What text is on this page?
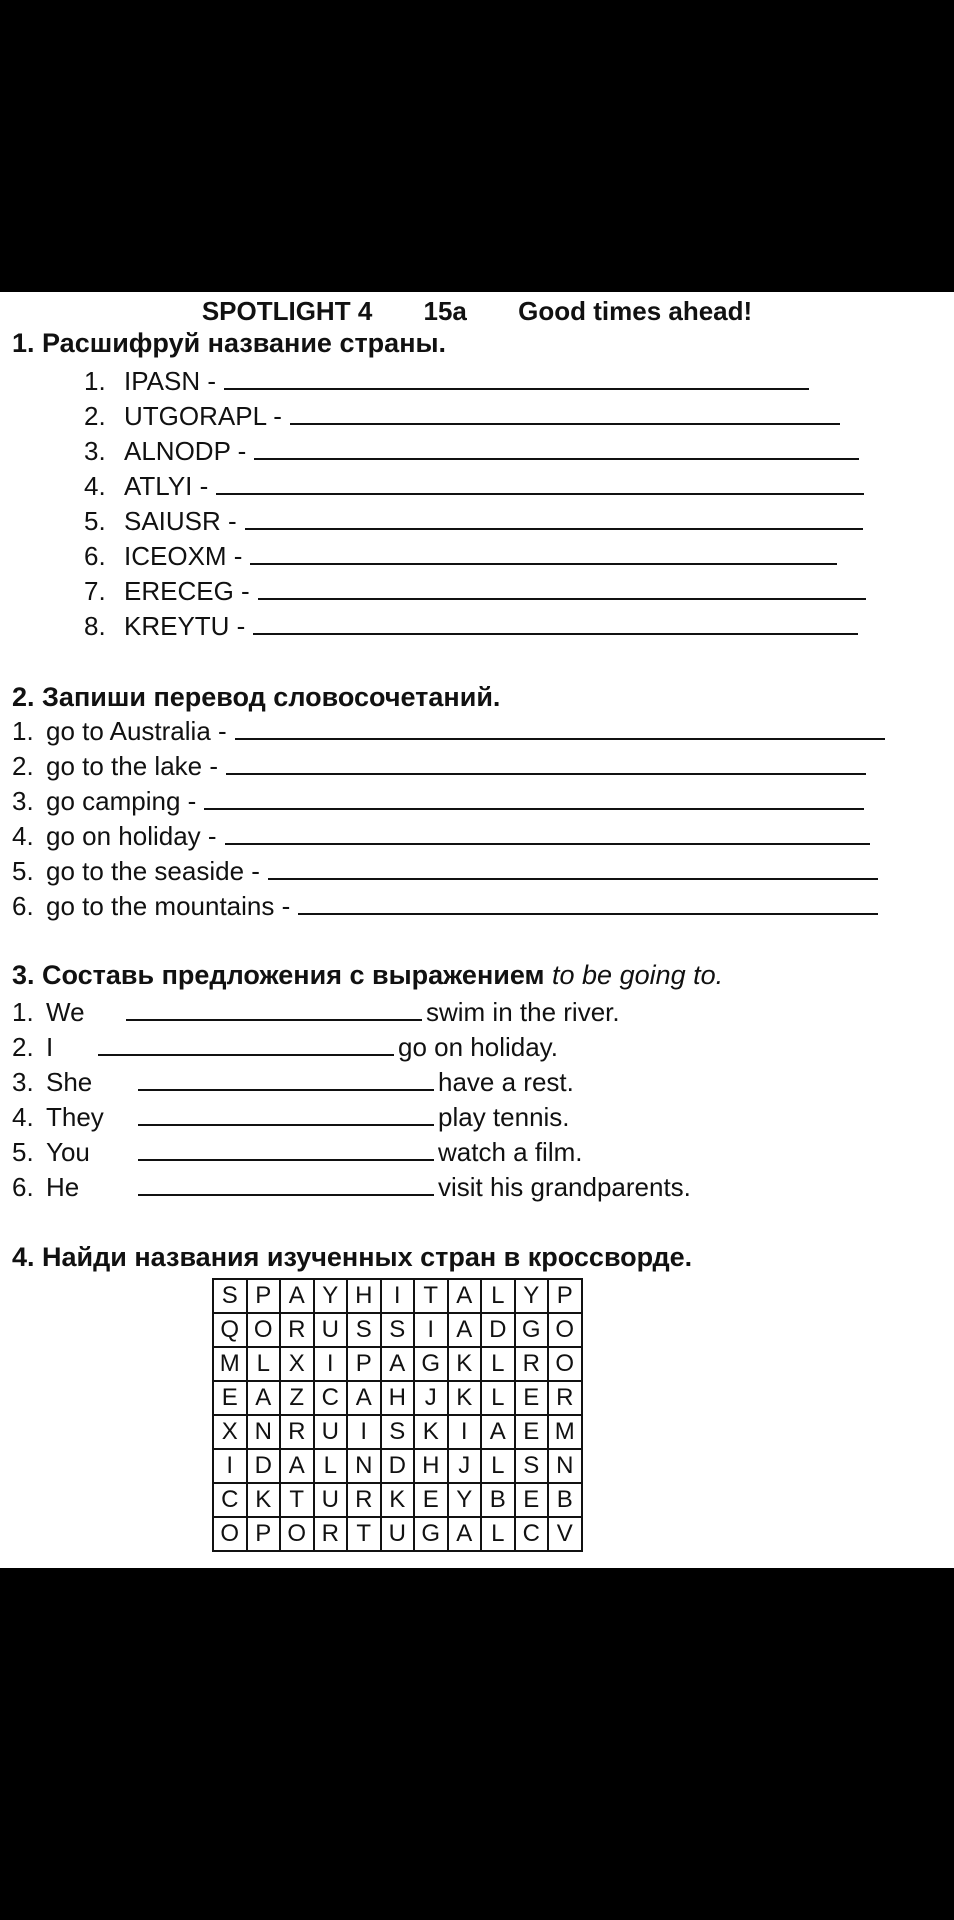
SPOTLIGHT 4 15a Good times ahead!
1. Расшифруй название страны.
1. IPASN -
2. UTGORAPL -
3. ALNODP -
4. ATLYI -
5. SAIUSR -
6. ICEOXM -
7. ERECEG -
8. KREYTU -
2. Запиши перевод словосочетаний.
1. go to Australia -
2. go to the lake -
3. go camping -
4. go on holiday -
5. go to the seaside -
6. go to the mountains -
3. Составь предложения с выражением to be going to.
1. We	swim in the river.
2. I	go on holiday.
3. She	have a rest.
4. They	play tennis.
5. You	watch a film.
6. He	visit his grandparents.
4. Найди названия изученных стран в кроссворде.
S	P	A	Y	H	I	T	A	L	Y	P
Q	O	R	U	S	S	I	A	D	G	O
M	L	X	I	P	A	G	K	L	R	O
E	A	Z	C	A	H	J	K	L	E	R
X	N	R	U	I	S	K	I	A	E	M
I	D	A	L	N	D	H	J	L	S	N
C	K	T	U	R	K	E	Y	B	E	B
O	P	O	R	T	U	G	A	L	C	V
